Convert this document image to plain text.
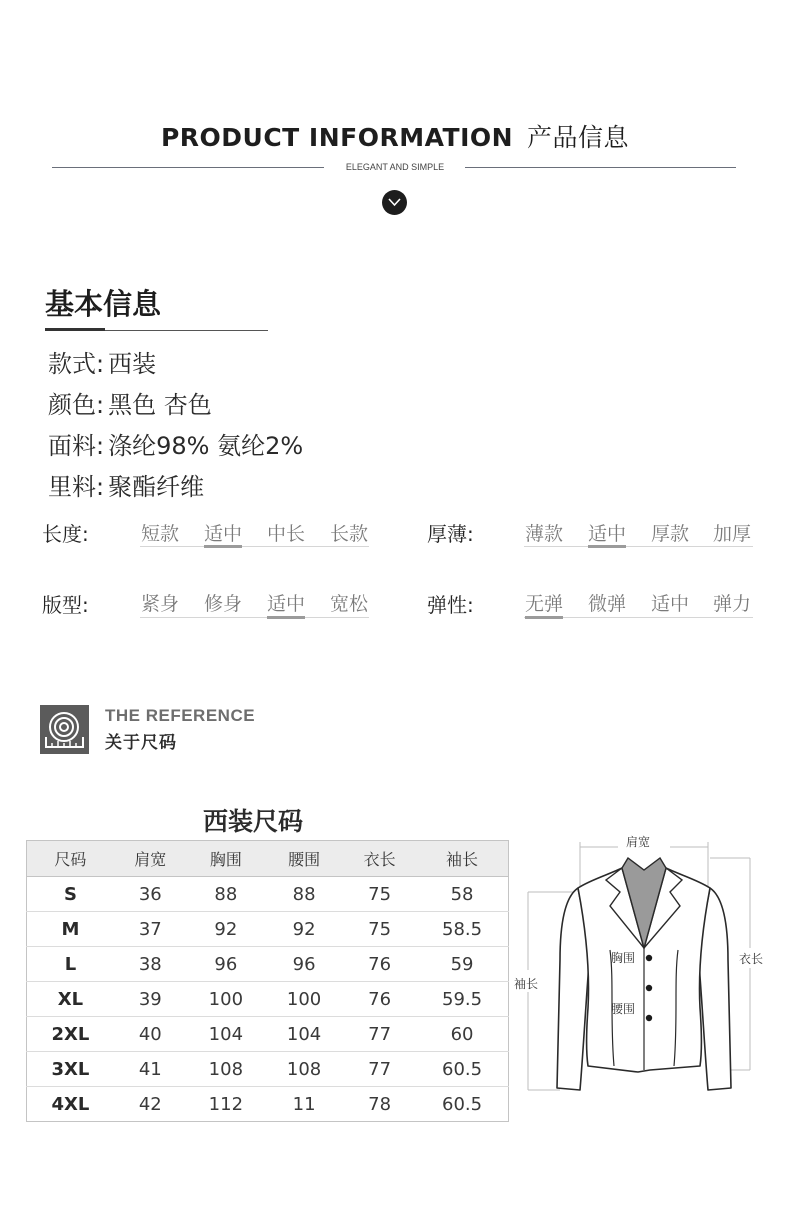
PRODUCT INFORMATION 产品信息
ELEGANT AND SIMPLE
基本信息
款式: 西装
颜色: 黑色 杏色
面料: 涤纶98% 氨纶2%
里料: 聚酯纤维
长度:	短款 适中 中长 长款	厚薄:	薄款 适中 厚款 加厚
版型:	紧身 修身 适中 宽松	弹性:	无弹 微弹 适中 弹力
THE REFERENCE
关于尺码
西装尺码
尺码	肩宽	胸围	腰围	衣长	袖长
S	36	88	88	75	58
M	37	92	92	75	58.5
L	38	96	96	76	59
XL	39	100	100	76	59.5
2XL	40	104	104	77	60
3XL	41	108	108	77	60.5
4XL	42	112	11	78	60.5
肩宽
胸围
腰围
衣长
袖长
